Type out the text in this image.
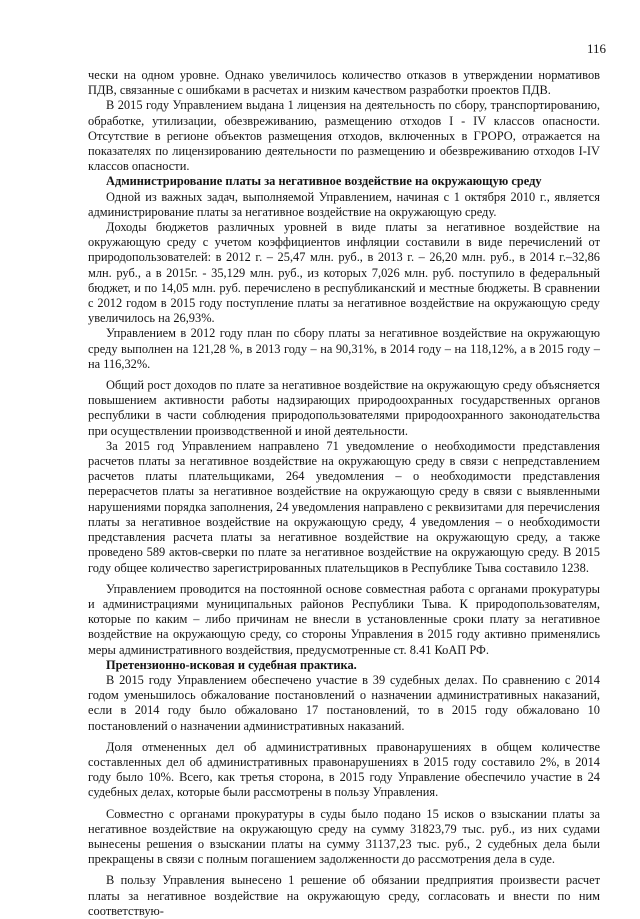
116

чески на одном уровне. Однако увеличилось количество отказов в утверждении нормативов ПДВ, связанные с ошибками в расчетах и низким качеством разработки проектов ПДВ.

В 2015 году Управлением выдана 1 лицензия на деятельность по сбору, транспортированию, обработке, утилизации, обезвреживанию, размещению отходов I - IV классов опасности. Отсутствие в регионе объектов размещения отходов, включенных в ГРОРО, отражается на показателях по лицензированию деятельности по размещению и обезвреживанию отходов I-IV классов опасности.

Администрирование платы за негативное воздействие на окружающую среду

Одной из важных задач, выполняемой Управлением, начиная с 1 октября 2010 г., является администрирование платы за негативное воздействие на окружающую среду.

Доходы бюджетов различных уровней в виде платы за негативное воздействие на окружающую среду с учетом коэффициентов инфляции составили в виде перечислений от природопользователей: в 2012 г. – 25,47 млн. руб., в 2013 г. – 26,20 млн. руб., в 2014 г.–32,86 млн. руб., а в 2015г. - 35,129 млн. руб., из которых 7,026 млн. руб. поступило в федеральный бюджет, и по 14,05 млн. руб. перечислено в республиканский и местные бюджеты. В сравнении с 2012 годом в 2015 году поступление платы за негативное воздействие на окружающую среду увеличилось на 26,93%.

Управлением в 2012 году план по сбору платы за негативное воздействие на окружающую среду выполнен на 121,28 %, в 2013 году – на 90,31%, в 2014 году – на 118,12%, а в 2015 году – на 116,32%.

Общий рост доходов по плате за негативное воздействие на окружающую среду объясняется повышением активности работы надзирающих природоохранных государственных органов республики в части соблюдения природопользователями природоохранного законодательства при осуществлении производственной и иной деятельности.

За 2015 год Управлением направлено 71 уведомление о необходимости представления расчетов платы за негативное воздействие на окружающую среду в связи с непредставлением расчетов платы плательщиками, 264 уведомления – о необходимости представления перерасчетов платы за негативное воздействие на окружающую среду в связи с выявленными нарушениями порядка заполнения, 24 уведомления направлено с реквизитами для перечисления платы за негативное воздействие на окружающую среду, 4 уведомления – о необходимости представления расчета платы за негативное воздействие на окружающую среду, а также проведено 589 актов-сверки по плате за негативное воздействие на окружающую среду. В 2015 году общее количество зарегистрированных плательщиков в Республике Тыва составило 1238.

Управлением проводится на постоянной основе совместная работа с органами прокуратуры и администрациями муниципальных районов Республики Тыва. К природопользователям, которые по каким – либо причинам не внесли в установленные сроки плату за негативное воздействие на окружающую среду, со стороны Управления в 2015 году активно применялись меры административного воздействия, предусмотренные ст. 8.41 КоАП РФ.

Претензионно-исковая и судебная практика.

В 2015 году Управлением обеспечено участие в 39 судебных делах. По сравнению с 2014 годом уменьшилось обжалование постановлений о назначении административных наказаний, если в 2014 году было обжаловано 17 постановлений, то в 2015 году обжаловано 10 постановлений о назначении административных наказаний.

Доля отмененных дел об административных правонарушениях в общем количестве составленных дел об административных правонарушениях в 2015 году составило 2%, в 2014 году было 10%. Всего, как третья сторона, в 2015 году Управление обеспечило участие в 24 судебных делах, которые были рассмотрены в пользу Управления.

Совместно с органами прокуратуры в суды было подано 15 исков о взыскании платы за негативное воздействие на окружающую среду на сумму 31823,79 тыс. руб., из них судами вынесены решения о взыскании платы на сумму 31137,23 тыс. руб., 2 судебных дела были прекращены в связи с полным погашением задолженности до рассмотрения дела в суде.

В пользу Управления вынесено 1 решение об обязании предприятия произвести расчет платы за негативное воздействие на окружающую среду, согласовать и внести по ним соответствую-
